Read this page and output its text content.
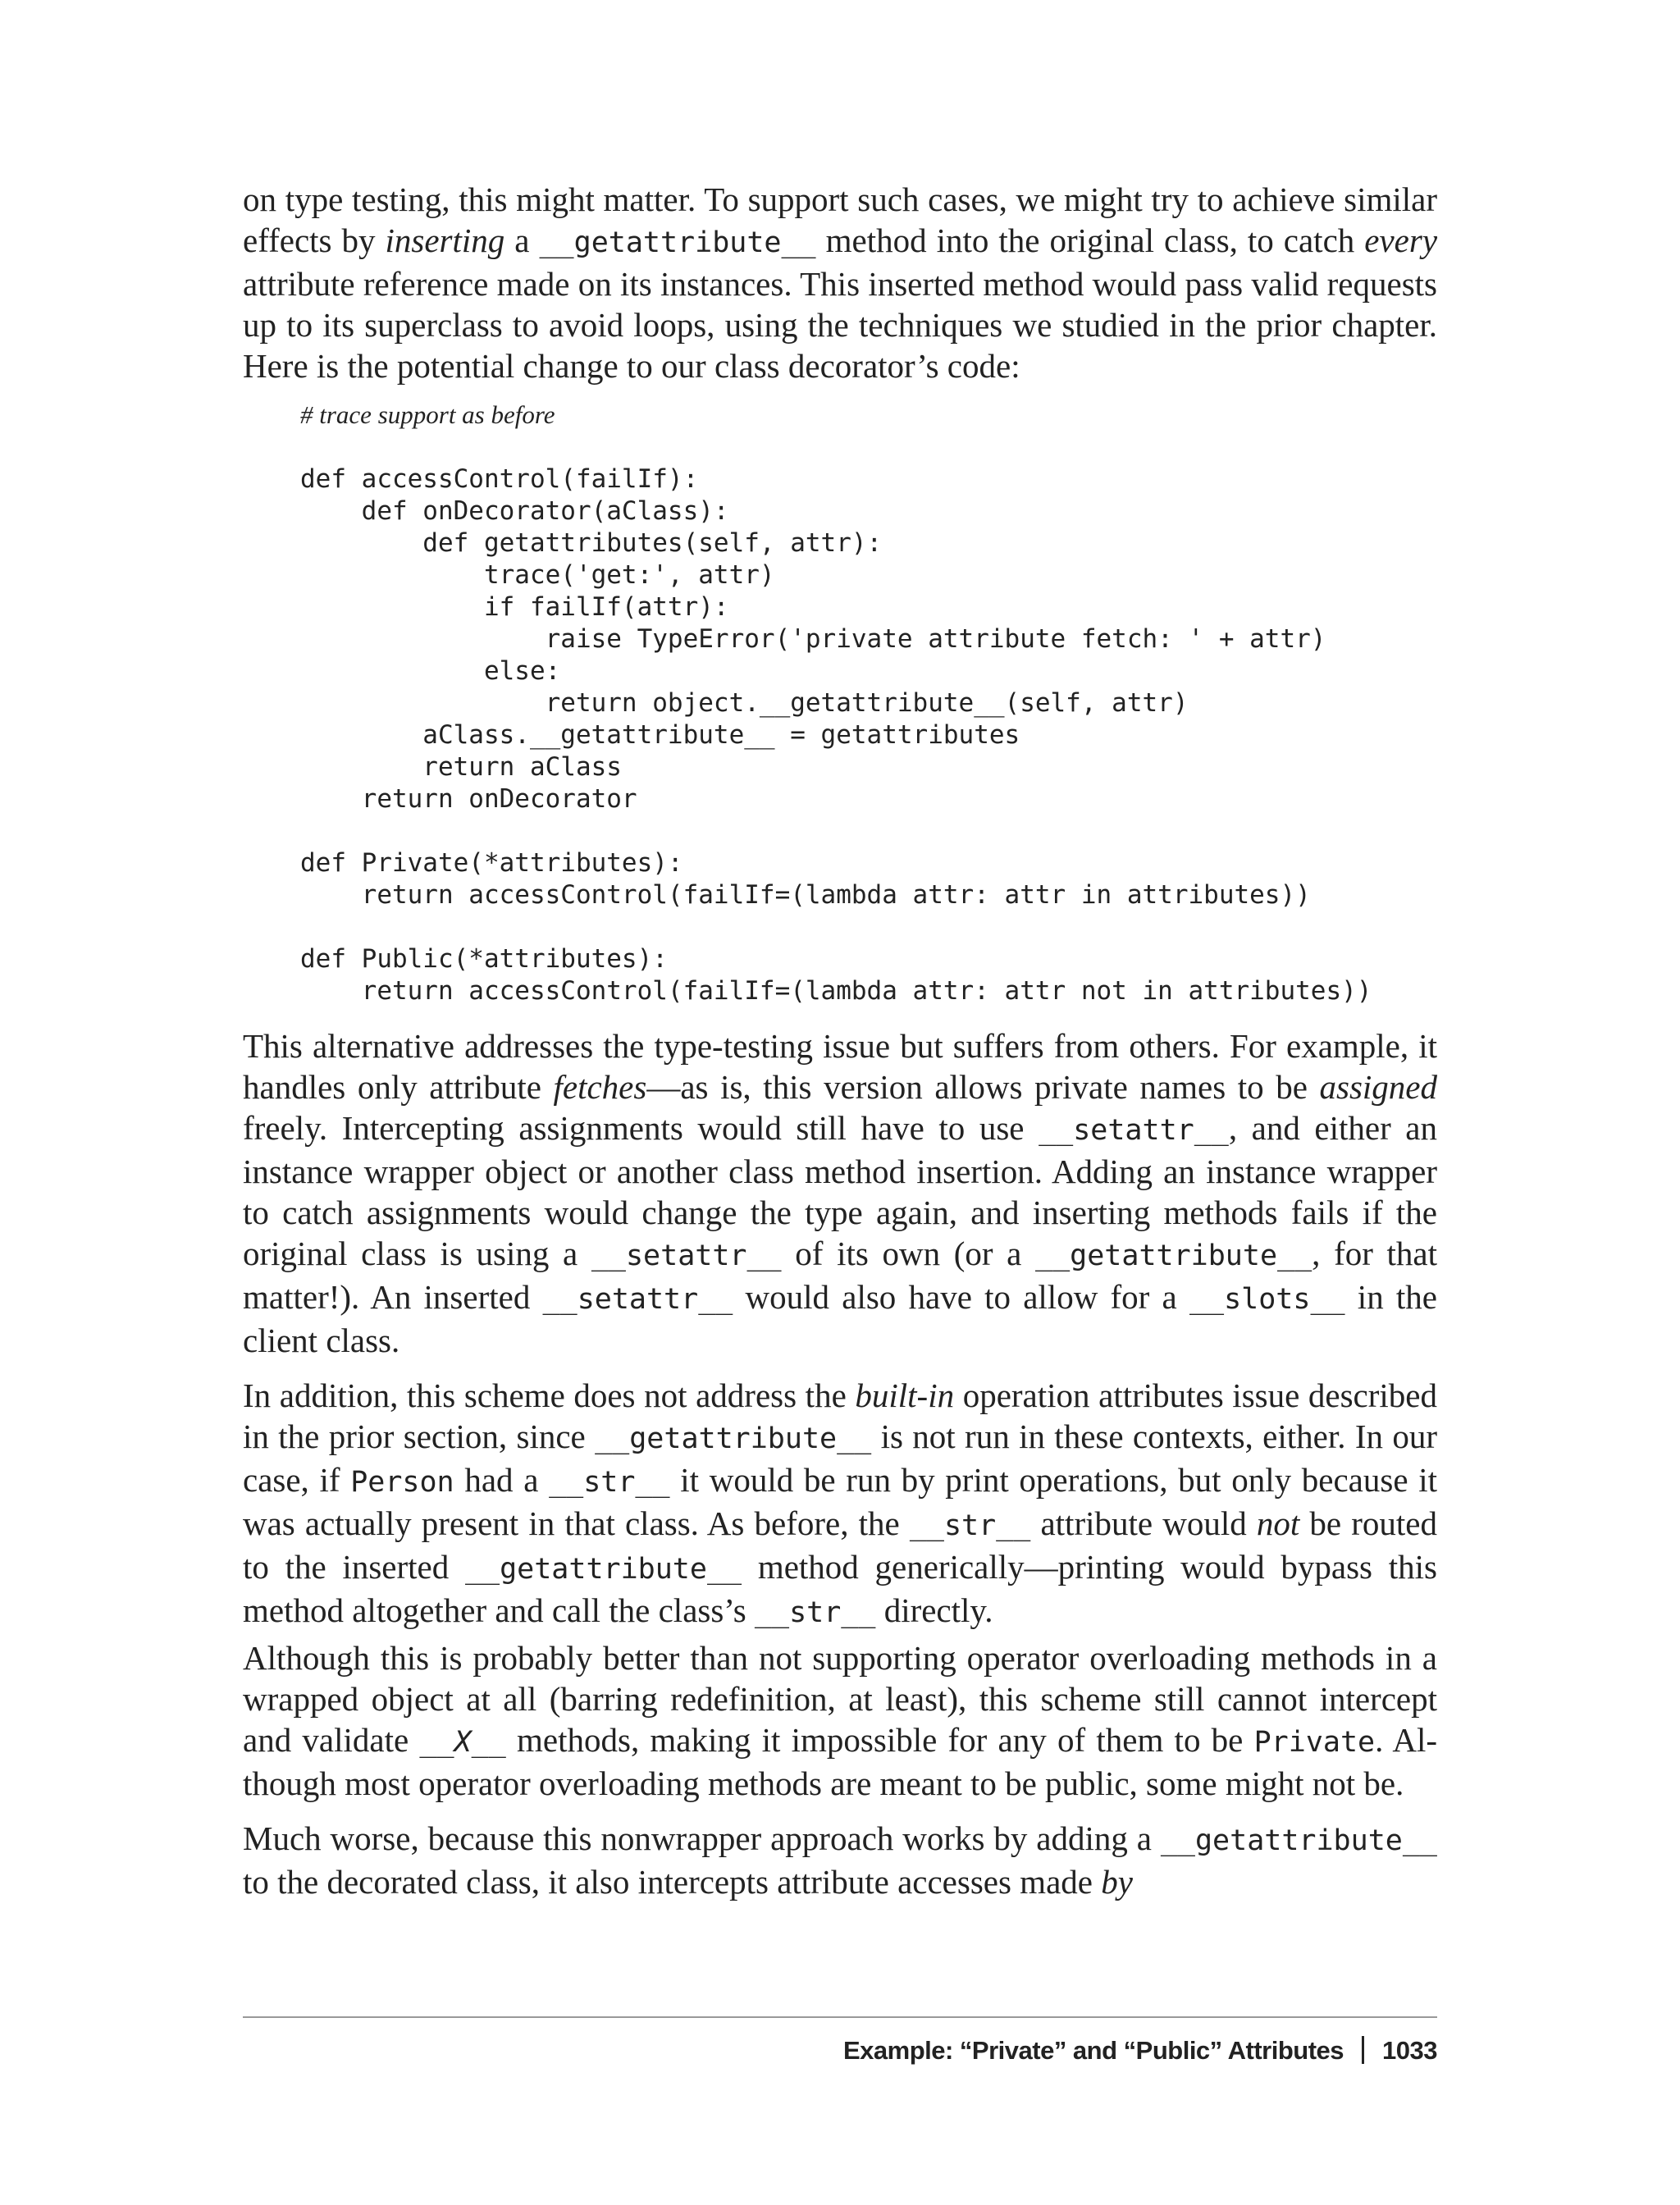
on type testing, this might matter. To support such cases, we might try to achieve similar effects by inserting a __getattribute__ method into the original class, to catch every attribute reference made on its instances. This inserted method would pass valid requests up to its superclass to avoid loops, using the techniques we studied in the prior chapter. Here is the potential change to our class decorator’s code:

# trace support as before

def accessControl(failIf):
def onDecorator(aClass):
def getattributes(self, attr):
trace('get:', attr)
if failIf(attr):
raise TypeError('private attribute fetch: ' + attr)
else:
return object.__getattribute__(self, attr)
aClass.__getattribute__ = getattributes
return aClass
return onDecorator

def Private(*attributes):
return accessControl(failIf=(lambda attr: attr in attributes))

def Public(*attributes):
return accessControl(failIf=(lambda attr: attr not in attributes))

This alternative addresses the type-testing issue but suffers from others. For example, it handles only attribute fetches—as is, this version allows private names to be assigned freely. Intercepting assignments would still have to use __setattr__, and either an instance wrapper object or another class method insertion. Adding an instance wrapper to catch assignments would change the type again, and inserting methods fails if the original class is using a __setattr__ of its own (or a __getattribute__, for that matter!). An inserted __setattr__ would also have to allow for a __slots__ in the client class.

In addition, this scheme does not address the built-in operation attributes issue described in the prior section, since __getattribute__ is not run in these contexts, either. In our case, if Person had a __str__ it would be run by print operations, but only because it was actually present in that class. As before, the __str__ attribute would not be routed to the inserted __getattribute__ method generically—printing would bypass this method altogether and call the class’s __str__ directly.

Although this is probably better than not supporting operator overloading methods in a wrapped object at all (barring redefinition, at least), this scheme still cannot intercept and validate __X__ methods, making it impossible for any of them to be Private. Although most operator overloading methods are meant to be public, some might not be.

Much worse, because this nonwrapper approach works by adding a __getattribute__ to the decorated class, it also intercepts attribute accesses made by

Example: “Private” and “Public” Attributes 1033
